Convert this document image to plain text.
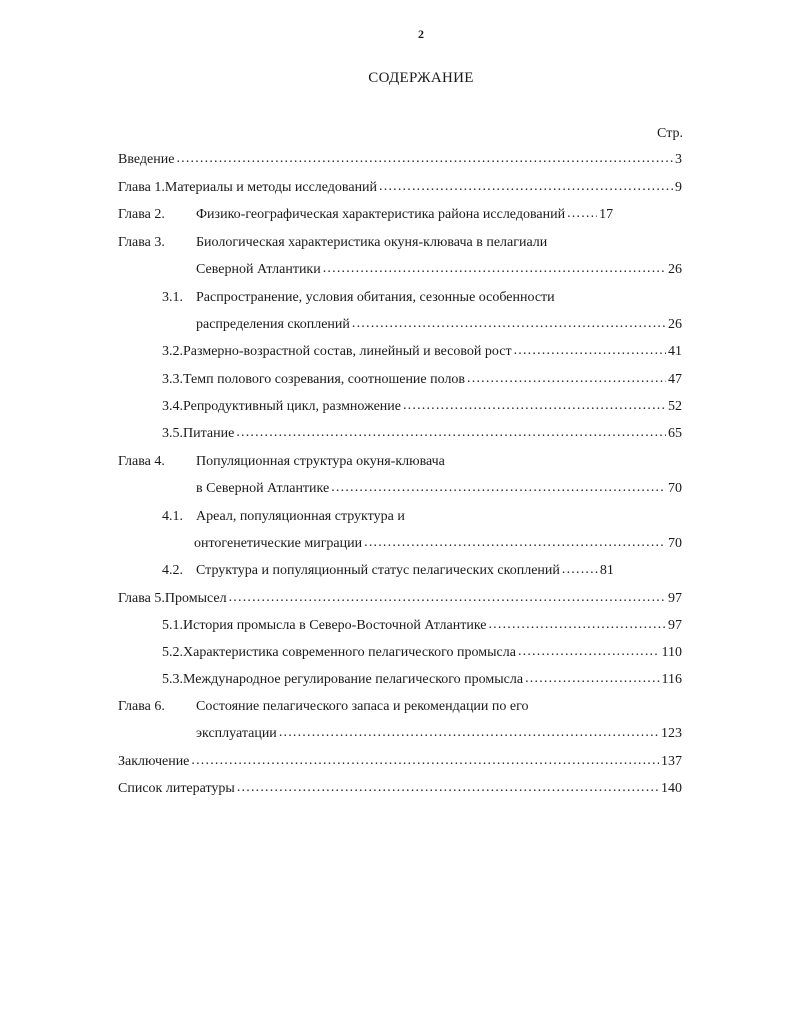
2
СОДЕРЖАНИЕ
Стр.
Введение .....	3
Глава 1. Материалы и методы исследований .....	9
Глава 2.	Физико-географическая характеристика района исследований ..... 17
Глава 3.	Биологическая характеристика окуня-клювача в пелагиали
Северной Атлантики .....	26
3.1. Распространение, условия обитания, сезонные особенности
распределения скоплений .....	26
3.2. Размерно-возрастной состав, линейный и весовой рост .....	41
3.3. Темп полового созревания, соотношение полов .....	47
3.4. Репродуктивный цикл, размножение .....	52
3.5. Питание .....	65
Глава 4.	Популяционная структура окуня-клювача
в Северной Атлантике .....	70
4.1. Ареал, популяционная структура и
онтогенетические миграции .....	70
4.2. Структура и популяционный статус пелагических скоплений .....	81
Глава 5. Промысел .....	97
5.1. История промысла в Северо-Восточной Атлантике .....	97
5.2. Характеристика современного пелагического промысла .....	110
5.3. Международное регулирование пелагического промысла .....	116
Глава 6.	Состояние пелагического запаса и рекомендации по его
эксплуатации .....	123
Заключение .....	137
Список литературы .....	140
